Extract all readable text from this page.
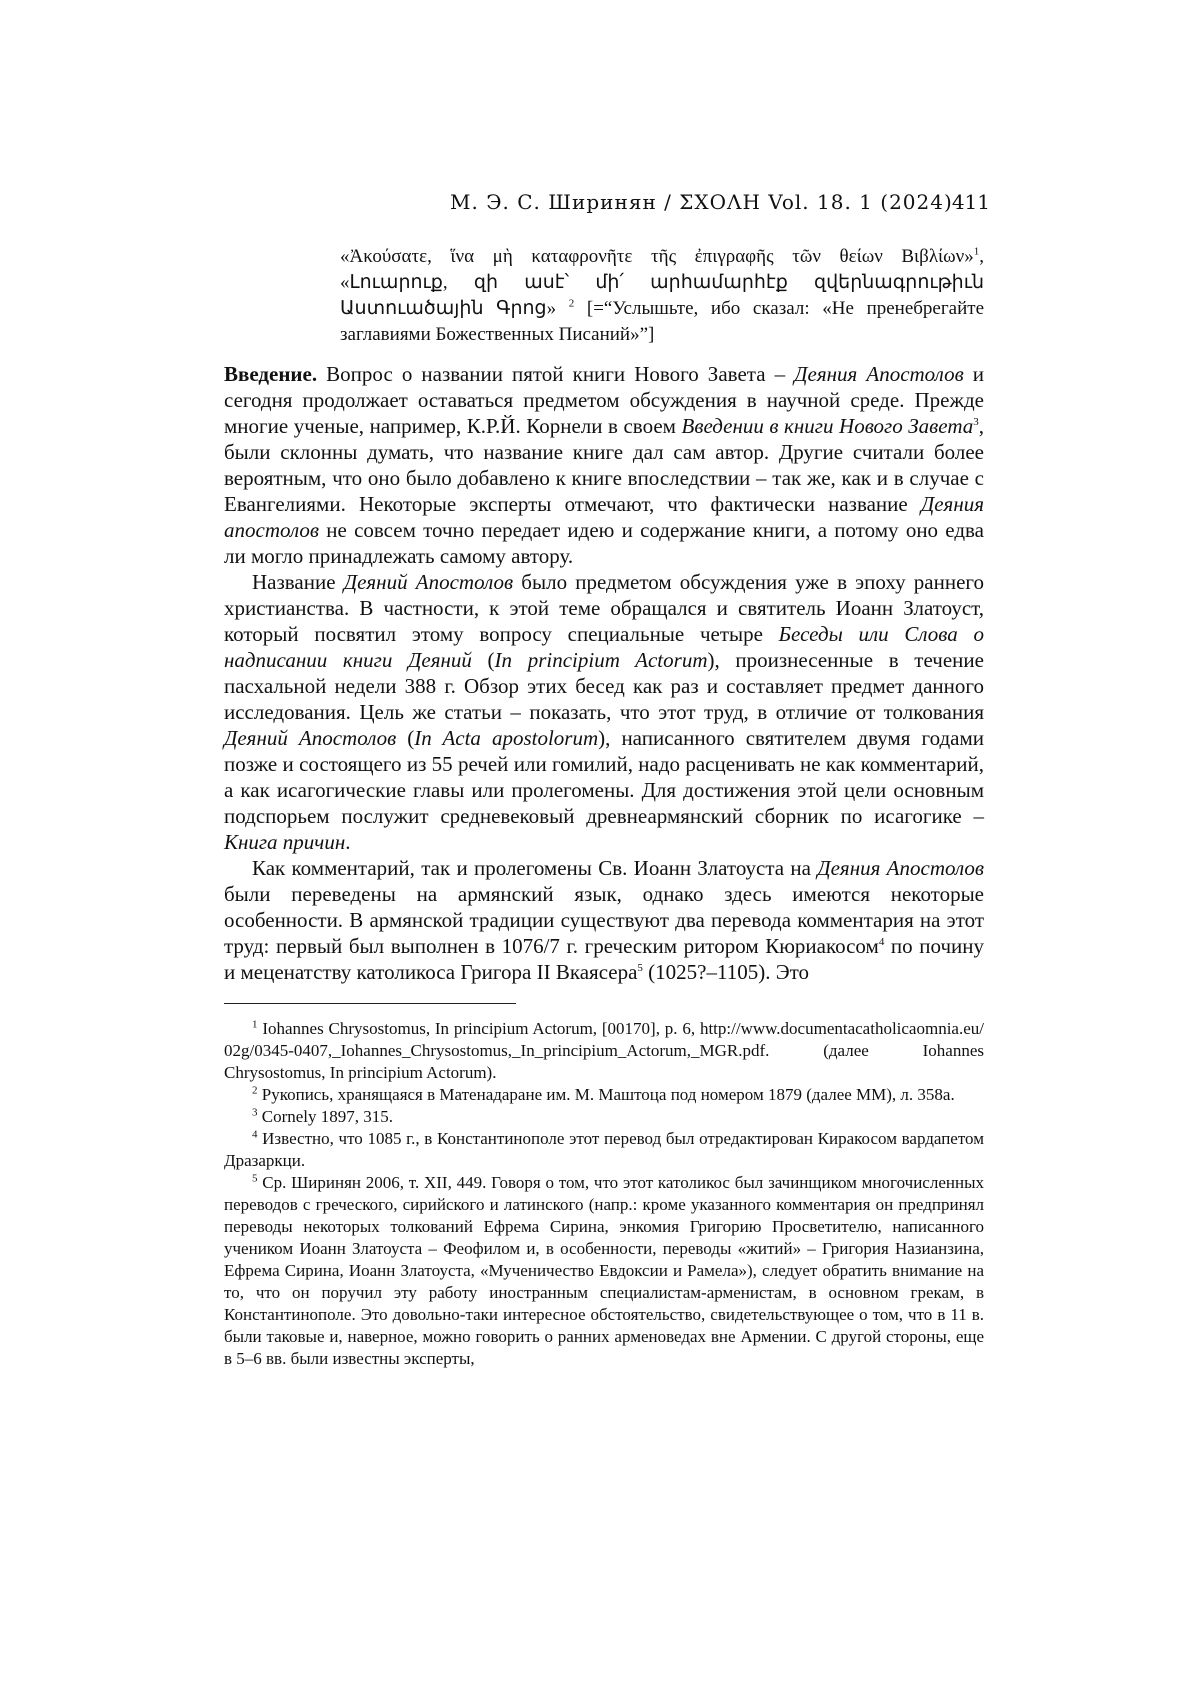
М. Э. С. Ширинян / ΣΧΟΛΗ Vol. 18. 1 (2024) 411

«Ἀκούσατε, ἵνα μὴ καταφρονῆτε τῆς ἐπιγραφῆς τῶν θείων Βιβλίων»$^1$, «Լուարուք, զի ասէ՝ մի՛ արհամարհէք զվերնագրութիւն Աստուածային Գրոց» $^2$ [=“Услышьте, ибо сказал: «Не пренебрегайте заглавиями Божественных Писаний»”]

Введение. Вопрос о названии пятой книги Нового Завета – Деяния Апостолов и сегодня продолжает оставаться предметом обсуждения в научной среде. Прежде многие ученые, например, К.Р.Й. Корнели в своем Введении в книги Нового Завета$^3$, были склонны думать, что название книге дал сам автор. Другие считали более вероятным, что оно было добавлено к книге впоследствии – так же, как и в случае с Евангелиями. Некоторые эксперты отмечают, что фактически название Деяния апостолов не совсем точно передает идею и содержание книги, а потому оно едва ли могло принадлежать самому автору.

Название Деяний Апостолов было предметом обсуждения уже в эпоху раннего христианства. В частности, к этой теме обращался и святитель Иоанн Златоуст, который посвятил этому вопросу специальные четыре Беседы или Слова о надписании книги Деяний (In principium Actorum), произнесенные в течение пасхальной недели 388 г. Обзор этих бесед как раз и составляет предмет данного исследования. Цель же статьи – показать, что этот труд, в отличие от толкования Деяний Апостолов (In Acta apostolorum), написанного святителем двумя годами позже и состоящего из 55 речей или гомилий, надо расценивать не как комментарий, а как исагогические главы или пролегомены. Для достижения этой цели основным подспорьем послужит средневековый древнеармянский сборник по исагогике – Книга причин.

Как комментарий, так и пролегомены Св. Иоанн Златоуста на Деяния Апостолов были переведены на армянский язык, однако здесь имеются некоторые особенности. В армянской традиции существуют два перевода комментария на этот труд: первый был выполнен в 1076/7 г. греческим ритором Кюриакосом$^4$ по почину и меценатству католикоса Григора II Вкаясера$^5$ (1025?–1105). Это

$^1$ Iohannes Chrysostomus, In principium Actorum, [00170], p. 6, http://www.documentacatholicaomnia.eu/02g/0345-0407,_Iohannes_Chrysostomus,_In_principium_Actorum,_MGR.pdf. (далее Iohannes Chrysostomus, In principium Actorum).

$^2$ Рукопись, хранящаяся в Матенадаране им. М. Маштоца под номером 1879 (далее ММ), л. 358а.

$^3$ Cornely 1897, 315.

$^4$ Известно, что 1085 г., в Константинополе этот перевод был отредактирован Киракосом вардапетом Дразаркци.

$^5$ Ср. Ширинян 2006, т. XII, 449. Говоря о том, что этот католикос был зачинщиком многочисленных переводов с греческого, сирийского и латинского (напр.: кроме указанного комментария он предпринял переводы некоторых толкований Ефрема Сирина, энкомия Григорию Просветителю, написанного учеником Иоанн Златоуста – Феофилом и, в особенности, переводы «житий» – Григория Назианзина, Ефрема Сирина, Иоанн Златоуста, «Мученичество Евдоксии и Рамела»), следует обратить внимание на то, что он поручил эту работу иностранным специалистам-арменистам, в основном грекам, в Константинополе. Это довольно-таки интересное обстоятельство, свидетельствующее о том, что в 11 в. были таковые и, наверное, можно говорить о ранних арменоведах вне Армении. С другой стороны, еще в 5–6 вв. были известны эксперты,
